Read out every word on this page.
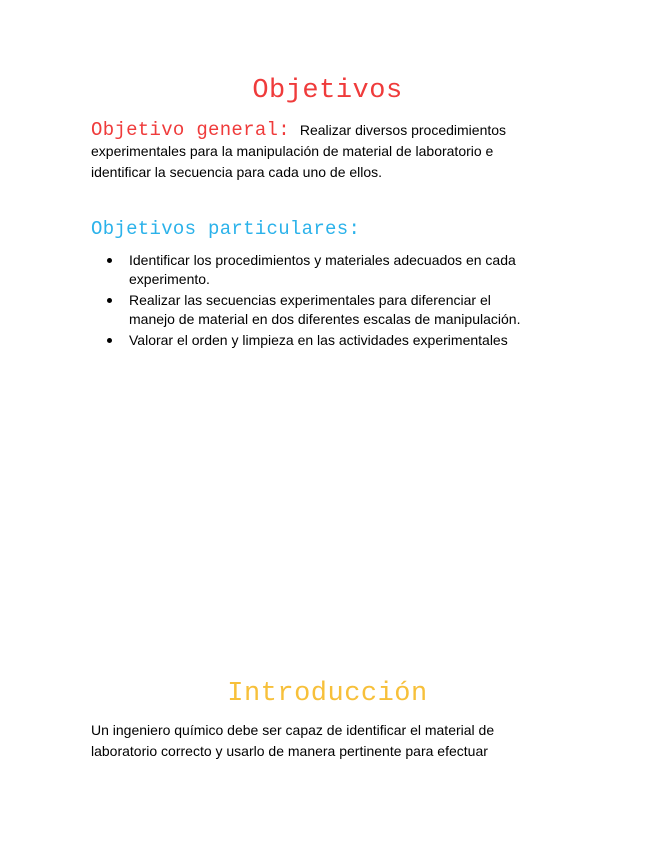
Objetivos
Objetivo general: Realizar diversos procedimientos
experimentales para la manipulación de material de laboratorio e
identificar la secuencia para cada uno de ellos.
Objetivos particulares:
Identificar los procedimientos y materiales adecuados en cada
experimento.
Realizar las secuencias experimentales para diferenciar el
manejo de material en dos diferentes escalas de manipulación.
Valorar el orden y limpieza en las actividades experimentales
Introducción

Un ingeniero químico debe ser capaz de identificar el material de
laboratorio correcto y usarlo de manera pertinente para efectuar
